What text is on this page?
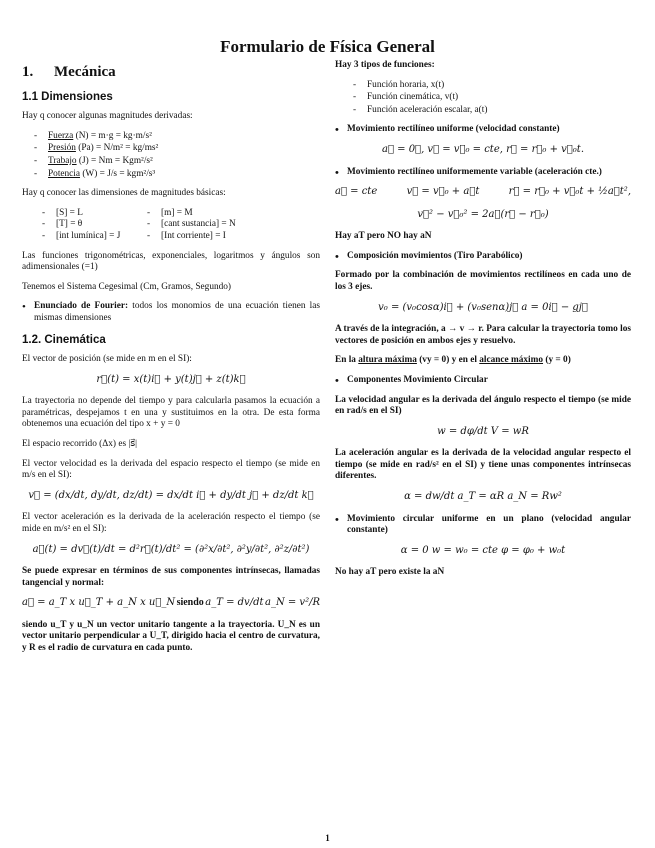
Formulario de Física General
1. Mecánica
1.1 Dimensiones
Hay q conocer algunas magnitudes derivadas:
- Fuerza (N) = m·g = kg·m/s²
- Presión (Pa) = N/m² = kg/ms²
- Trabajo (J) = Nm = Kgm²/s²
- Potencia (W) = J/s = kgm²/s³
Hay q conocer las dimensiones de magnitudes básicas:
- [S] = L	- [m] = M
- [T] = θ	- [cant sustancia] = N
- [int lumínica] = J	- [Int corriente] = I
Las funciones trigonométricas, exponenciales, logaritmos y ángulos son adimensionales (=1)
Tenemos el Sistema Cegesimal (Cm, Gramos, Segundo)
• Enunciado de Fourier: todos los monomios de una ecuación tienen las mismas dimensiones
1.2. Cinemática
El vector de posición (se mide en m en el SI):
r⃗(t) = x(t)i⃗ + y(t)j⃗ + z(t)k⃗
La trayectoria no depende del tiempo y para calcularla pasamos la ecuación a paramétricas, despejamos t en una y sustituimos en la otra. De esta forma obtenemos una ecuación del tipo x + y = 0
El espacio recorrido (Δx) es |s⃗|
El vector velocidad es la derivada del espacio respecto el tiempo (se mide en m/s en el SI):
v⃗ = (dx/dt, dy/dt, dz/dt) = dx/dt i⃗ + dy/dt j⃗ + dz/dt k⃗
El vector aceleración es la derivada de la aceleración respecto el tiempo (se mide en m/s² en el SI):
a⃗(t) = dv⃗(t)/dt = d²r⃗(t)/dt² = (∂²x/∂t², ∂²y/∂t², ∂²z/∂t²)
Se puede expresar en términos de sus componentes intrínsecas, llamadas tangencial y normal:
a⃗ = a_T x u⃗_T + a_N x u⃗_N siendo a_T = dv/dt a_N = v²/R
siendo u_T y u_N un vector unitario tangente a la trayectoria. U_N es un vector unitario perpendicular a U_T, dirigido hacia el centro de curvatura, y R es el radio de curvatura en cada punto.
Hay 3 tipos de funciones:
- Función horaria, x(t)
- Función cinemática, v(t)
- Función aceleración escalar, a(t)
• Movimiento rectilíneo uniforme (velocidad constante)
a⃗ = 0⃗, v⃗ = v⃗₀ = cte, r⃗ = r⃗₀ + v⃗₀t.
• Movimiento rectilíneo uniformemente variable (aceleración cte.)
a⃗ = cte	v⃗ = v⃗₀ + a⃗t	r⃗ = r⃗₀ + v⃗₀t + ½a⃗t²,
v⃗² − v⃗₀² = 2a⃗(r⃗ − r⃗₀)
Hay aT pero NO hay aN
• Composición movimientos (Tiro Parabólico)
Formado por la combinación de movimientos rectilíneos en cada uno de los 3 ejes.
v₀ = (v₀cosα)i⃗ + (v₀senα)j⃗ a = 0i⃗ − gj⃗
A través de la integración, a → v → r. Para calcular la trayectoria tomo los vectores de posición en ambos ejes y resuelvo.
En la altura máxima (vy = 0) y en el alcance máximo (y = 0)
• Componentes Movimiento Circular
La velocidad angular es la derivada del ángulo respecto el tiempo (se mide en rad/s en el SI)
w = dφ/dt V = wR
La aceleración angular es la derivada de la velocidad angular respecto el tiempo (se mide en rad/s² en el SI) y tiene unas componentes intrínsecas diferentes.
α = dw/dt a_T = αR a_N = Rw²
• Movimiento circular uniforme en un plano (velocidad angular constante)
α = 0 w = w₀ = cte φ = φ₀ + w₀t
No hay aT pero existe la aN
1
